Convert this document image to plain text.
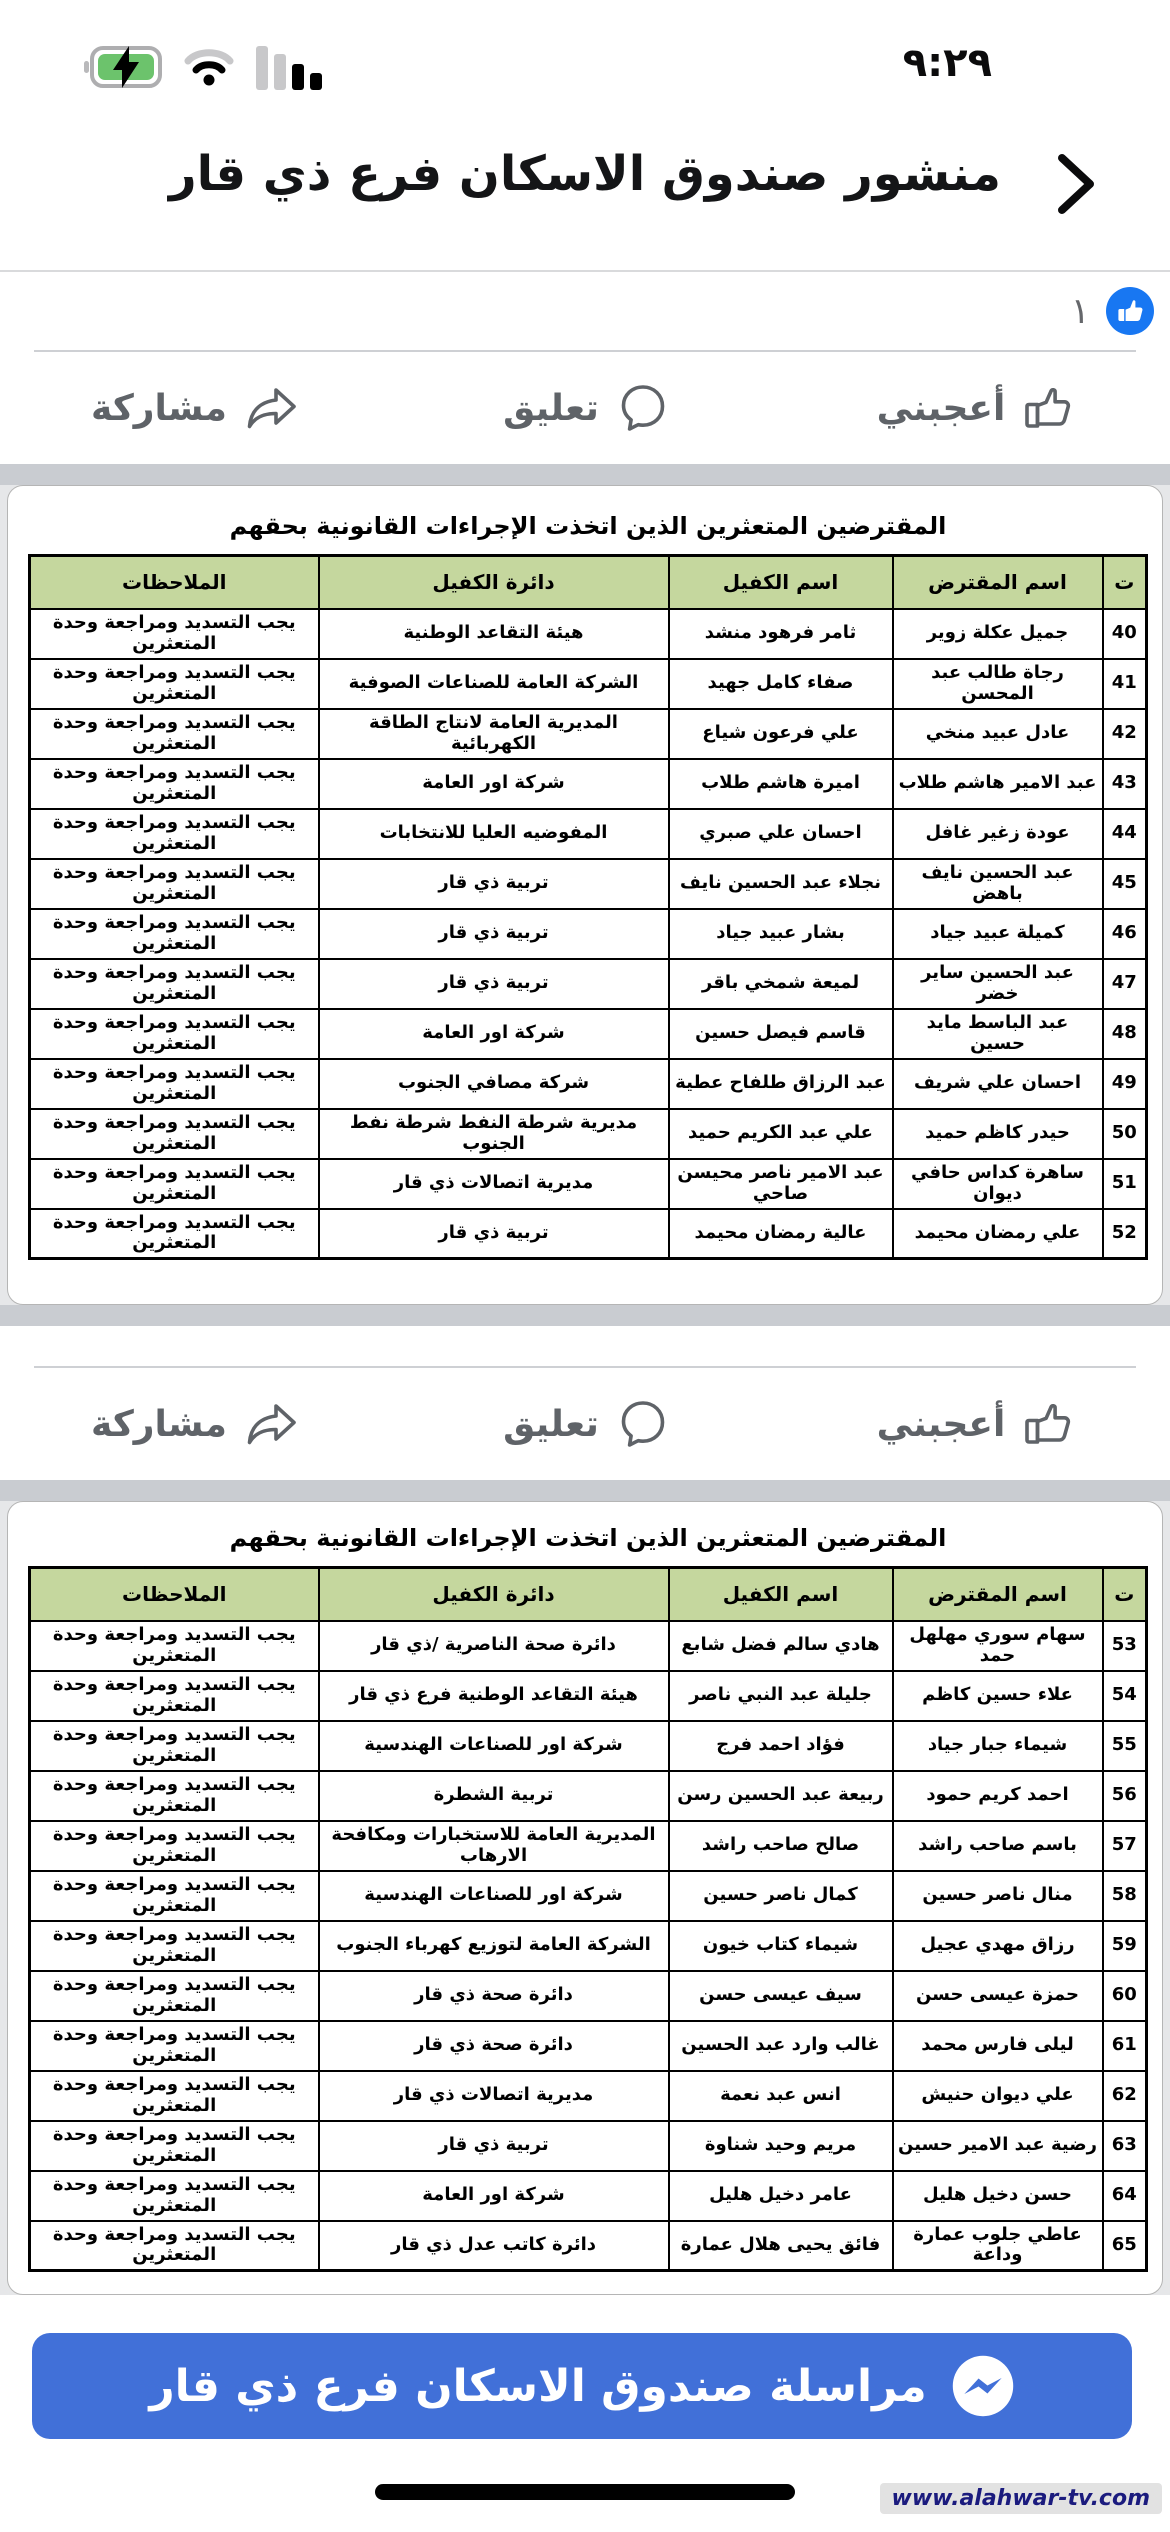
٩:٢٩
منشور صندوق الاسكان فرع ذي قار
١
أعجبني
تعليق
مشاركة
المقترضين المتعثرين الذين اتخذت الإجراءات القانونية بحقهم
ت	اسم المقترض	اسم الكفيل	دائرة الكفيل	الملاحظات
40	جميل عكلة زوير	ثامر فرهود منشد	هيئة التقاعد الوطنية	يجب التسديد ومراجعة وحدة المتعثرين
41	رجاة طالب عبد المحسن	صفاء كامل جهيد	الشركة العامة للصناعات الصوفية	يجب التسديد ومراجعة وحدة المتعثرين
42	عادل عبيد منخي	علي فرعون شياع	المديرية العامة لانتاج الطاقة الكهربائية	يجب التسديد ومراجعة وحدة المتعثرين
43	عبد الامير هاشم طلاب	اميرة هاشم طلاب	شركة اور العامة	يجب التسديد ومراجعة وحدة المتعثرين
44	عودة زغير غافل	احسان علي صبري	المفوضيه العليا للانتخابات	يجب التسديد ومراجعة وحدة المتعثرين
45	عبد الحسين نايف باهض	نجلاء عبد الحسين نايف	تربية ذي قار	يجب التسديد ومراجعة وحدة المتعثرين
46	كميلة عبيد جياد	بشار عبيد جياد	تربية ذي قار	يجب التسديد ومراجعة وحدة المتعثرين
47	عبد الحسين ساير خضر	لميعة شمخي باقر	تربية ذي قار	يجب التسديد ومراجعة وحدة المتعثرين
48	عبد الباسط مايد حسين	قاسم فيصل حسين	شركة اور العامة	يجب التسديد ومراجعة وحدة المتعثرين
49	احسان علي شريف	عبد الرزاق طلفاح عطية	شركة مصافي الجنوب	يجب التسديد ومراجعة وحدة المتعثرين
50	حيدر كاظم حميد	علي عبد الكريم حميد	مديرية شرطة النفط شرطة نفط الجنوب	يجب التسديد ومراجعة وحدة المتعثرين
51	ساهرة كداس حافي ديوان	عبد الامير ناصر محيسن صاحي	مديرية اتصالات ذي قار	يجب التسديد ومراجعة وحدة المتعثرين
52	علي رمضان محيمد	عالية رمضان محيمد	تربية ذي قار	يجب التسديد ومراجعة وحدة المتعثرين
أعجبني
تعليق
مشاركة
المقترضين المتعثرين الذين اتخذت الإجراءات القانونية بحقهم
ت	اسم المقترض	اسم الكفيل	دائرة الكفيل	الملاحظات
53	سهام سوري مهلهل حمد	هادي سالم فضل شابع	دائرة صحة الناصرية /ذي قار	يجب التسديد ومراجعة وحدة المتعثرين
54	علاء حسين كاظم	جليلة عبد النبي ناصر	هيئة التقاعد الوطنية فرع ذي قار	يجب التسديد ومراجعة وحدة المتعثرين
55	شيماء جبار جياد	فؤاد احمد فرج	شركة اور للصناعات الهندسية	يجب التسديد ومراجعة وحدة المتعثرين
56	احمد كريم حمود	ربيعة عبد الحسين رسن	تربية الشطرة	يجب التسديد ومراجعة وحدة المتعثرين
57	باسم صاحب راشد	صالح صاحب راشد	المديرية العامة للاستخبارات ومكافحة الارهاب	يجب التسديد ومراجعة وحدة المتعثرين
58	منال ناصر حسين	كمال ناصر حسين	شركة اور للصناعات الهندسية	يجب التسديد ومراجعة وحدة المتعثرين
59	رزاق مهدي عجيل	شيماء كتاب خيون	الشركة العامة لتوزيع كهرباء الجنوب	يجب التسديد ومراجعة وحدة المتعثرين
60	حمزة عيسى حسن	سيف عيسى حسن	دائرة صحة ذي قار	يجب التسديد ومراجعة وحدة المتعثرين
61	ليلى فارس محمد	غالب وارد عبد الحسين	دائرة صحة ذي قار	يجب التسديد ومراجعة وحدة المتعثرين
62	علي ديوان حنيش	انس عبد نعمة	مديرية اتصالات ذي قار	يجب التسديد ومراجعة وحدة المتعثرين
63	رضية عبد الامير حسين	مريم وحيد شناوة	تربية ذي قار	يجب التسديد ومراجعة وحدة المتعثرين
64	حسن دخيل هليل	عامر دخيل هليل	شركة اور العامة	يجب التسديد ومراجعة وحدة المتعثرين
65	عاطي جلوب عمارة وداعة	فائق يحيى هلال عمارة	دائرة كاتب عدل ذي قار	يجب التسديد ومراجعة وحدة المتعثرين
مراسلة صندوق الاسكان فرع ذي قار
www.alahwar-tv.com
